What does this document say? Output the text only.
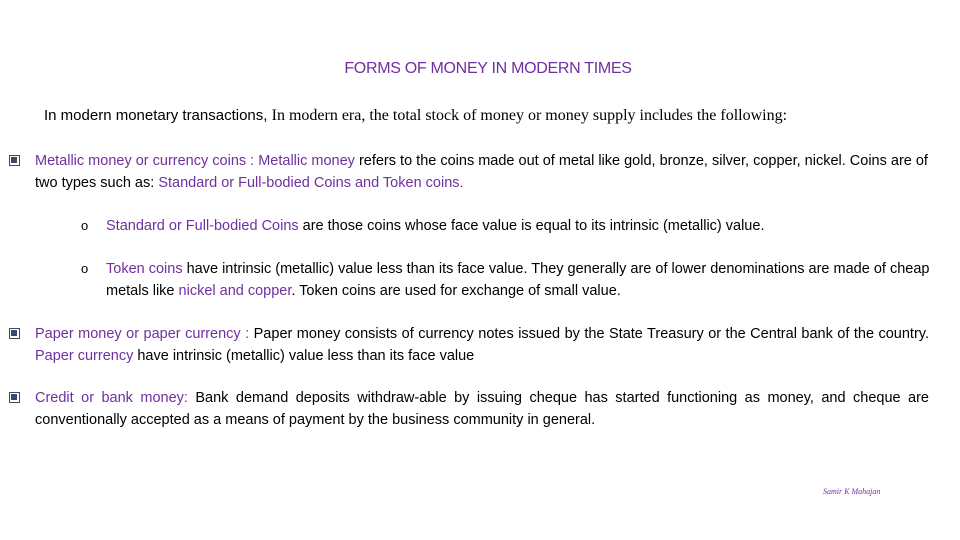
FORMS OF MONEY IN MODERN TIMES
In modern monetary transactions, In modern era, the total stock of money or money supply includes the following:
Metallic money or currency coins : Metallic money refers to the coins made out of metal like gold, bronze, silver, copper, nickel. Coins are of two types such as: Standard or Full-bodied Coins and Token coins.
o Standard or Full-bodied Coins are those coins whose face value is equal to its intrinsic (metallic) value.
o Token coins have intrinsic (metallic) value less than its face value. They generally are of lower denominations are made of cheap metals like nickel and copper. Token coins are used for exchange of small value.
Paper money or paper currency : Paper money consists of currency notes issued by the State Treasury or the Central bank of the country. Paper currency have intrinsic (metallic) value less than its face value
Credit or bank money: Bank demand deposits withdraw-able by issuing cheque has started functioning as money, and cheque are conventionally accepted as a means of payment by the business community in general.
Samir K Mahajan
